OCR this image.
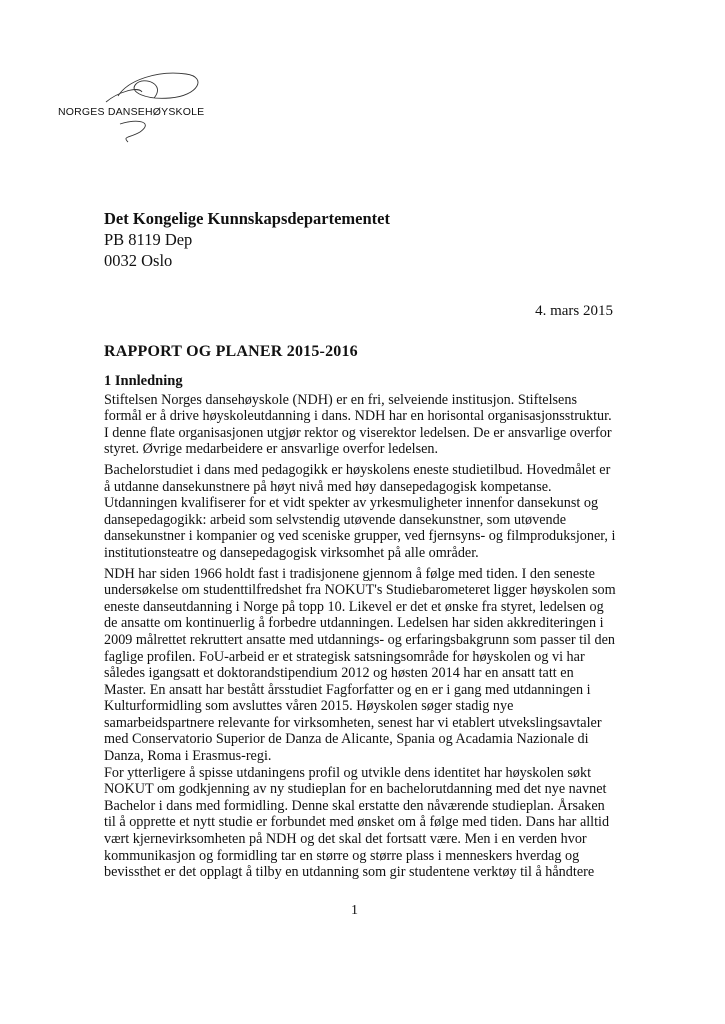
NORGES DANSEHØYSKOLE
Det Kongelige Kunnskapsdepartementet
PB 8119 Dep
0032 Oslo
4. mars 2015
RAPPORT OG PLANER 2015-2016
1 Innledning

Stiftelsen Norges dansehøyskole (NDH) er en fri, selveiende institusjon. Stiftelsens formål er å drive høyskoleutdanning i dans. NDH har en horisontal organisasjonsstruktur. I denne flate organisasjonen utgjør rektor og viserektor ledelsen. De er ansvarlige overfor styret. Øvrige medarbeidere er ansvarlige overfor ledelsen.

Bachelorstudiet i dans med pedagogikk er høyskolens eneste studietilbud. Hovedmålet er å utdanne dansekunstnere på høyt nivå med høy dansepedagogisk kompetanse. Utdanningen kvalifiserer for et vidt spekter av yrkesmuligheter innenfor dansekunst og dansepedagogikk: arbeid som selvstendig utøvende dansekunstner, som utøvende dansekunstner i kompanier og ved sceniske grupper, ved fjernsyns- og filmproduksjoner, i institutionsteatre og dansepedagogisk virksomhet på alle områder.

NDH har siden 1966 holdt fast i tradisjonene gjennom å følge med tiden. I den seneste undersøkelse om studenttilfredshet fra NOKUT's Studiebarometeret ligger høyskolen som eneste danseutdanning i Norge på topp 10. Likevel er det et ønske fra styret, ledelsen og de ansatte om kontinuerlig å forbedre utdanningen. Ledelsen har siden akkrediteringen i 2009 målrettet rekruttert ansatte med utdannings- og erfaringsbakgrunn som passer til den faglige profilen. FoU-arbeid er et strategisk satsningsområde for høyskolen og vi har således igangsatt et doktorandstipendium 2012 og høsten 2014 har en ansatt tatt en Master. En ansatt har bestått årsstudiet Fagforfatter og en er i gang med utdanningen i Kulturformidling som avsluttes våren 2015. Høyskolen søger stadig nye samarbeidspartnere relevante for virksomheten, senest har vi etablert utvekslingsavtaler med Conservatorio Superior de Danza de Alicante, Spania og Acadamia Nazionale di Danza, Roma i Erasmus-regi.

For ytterligere å spisse utdaningens profil og utvikle dens identitet har høyskolen søkt NOKUT om godkjenning av ny studieplan for en bachelorutdanning med det nye navnet Bachelor i dans med formidling. Denne skal erstatte den nåværende studieplan. Årsaken til å opprette et nytt studie er forbundet med ønsket om å følge med tiden. Dans har alltid vært kjernevirksomheten på NDH og det skal det fortsatt være. Men i en verden hvor kommunikasjon og formidling tar en større og større plass i menneskers hverdag og bevissthet er det opplagt å tilby en utdanning som gir studentene verktøy til å håndtere

1
